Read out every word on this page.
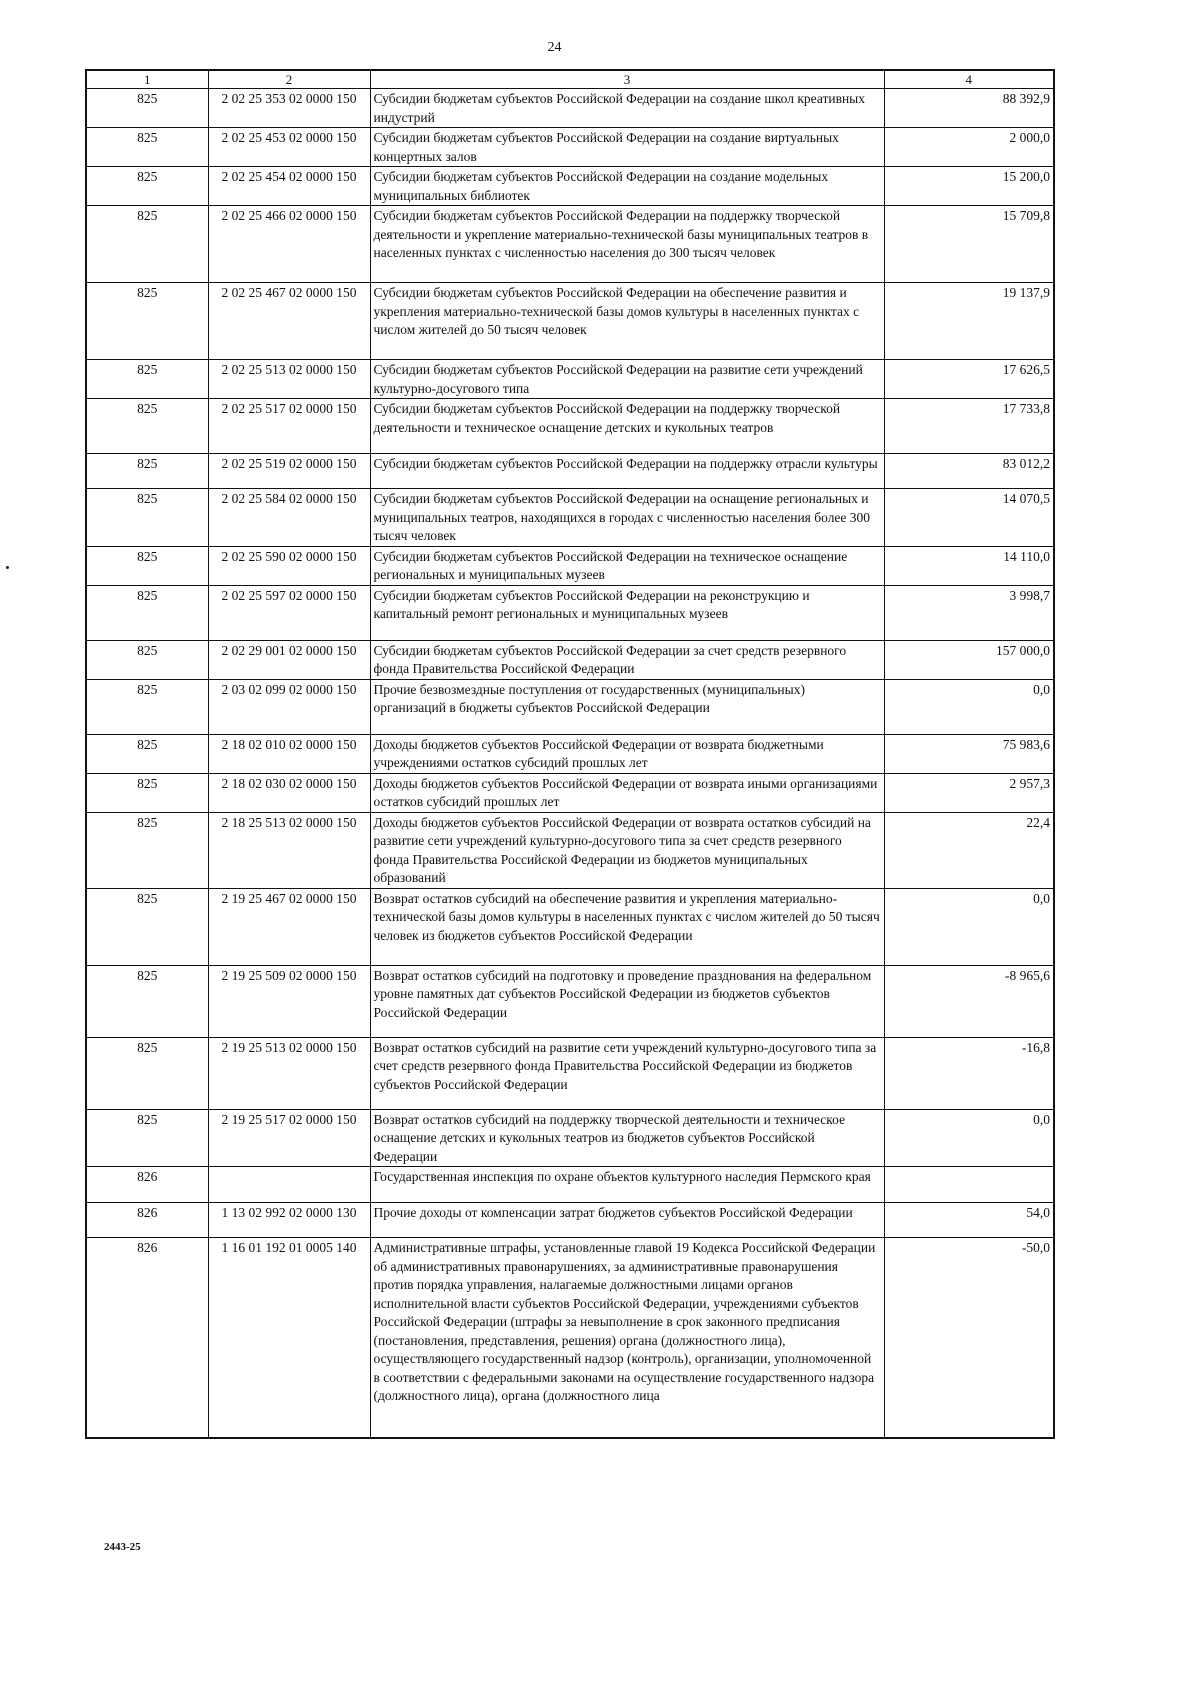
24
1	2	3	4
825	2 02 25 353 02 0000 150	Субсидии бюджетам субъектов Российской Федерации на создание школ креативных индустрий	88 392,9
825	2 02 25 453 02 0000 150	Субсидии бюджетам субъектов Российской Федерации на создание виртуальных концертных залов	2 000,0
825	2 02 25 454 02 0000 150	Субсидии бюджетам субъектов Российской Федерации на создание модельных муниципальных библиотек	15 200,0
825	2 02 25 466 02 0000 150	Субсидии бюджетам субъектов Российской Федерации на поддержку творческой деятельности и укрепление материально-технической базы муниципальных театров в населенных пунктах с численностью населения до 300 тысяч человек	15 709,8
825	2 02 25 467 02 0000 150	Субсидии бюджетам субъектов Российской Федерации на обеспечение развития и укрепления материально-технической базы домов культуры в населенных пунктах с числом жителей до 50 тысяч человек	19 137,9
825	2 02 25 513 02 0000 150	Субсидии бюджетам субъектов Российской Федерации на развитие сети учреждений культурно-досугового типа	17 626,5
825	2 02 25 517 02 0000 150	Субсидии бюджетам субъектов Российской Федерации на поддержку творческой деятельности и техническое оснащение детских и кукольных театров	17 733,8
825	2 02 25 519 02 0000 150	Субсидии бюджетам субъектов Российской Федерации на поддержку отрасли культуры	83 012,2
825	2 02 25 584 02 0000 150	Субсидии бюджетам субъектов Российской Федерации на оснащение региональных и муниципальных театров, находящихся в городах с численностью населения более 300 тысяч человек	14 070,5
825	2 02 25 590 02 0000 150	Субсидии бюджетам субъектов Российской Федерации на техническое оснащение региональных и муниципальных музеев	14 110,0
825	2 02 25 597 02 0000 150	Субсидии бюджетам субъектов Российской Федерации на реконструкцию и капитальный ремонт региональных и муниципальных музеев	3 998,7
825	2 02 29 001 02 0000 150	Субсидии бюджетам субъектов Российской Федерации за счет средств резервного фонда Правительства Российской Федерации	157 000,0
825	2 03 02 099 02 0000 150	Прочие безвозмездные поступления от государственных (муниципальных) организаций в бюджеты субъектов Российской Федерации	0,0
825	2 18 02 010 02 0000 150	Доходы бюджетов субъектов Российской Федерации от возврата бюджетными учреждениями остатков субсидий прошлых лет	75 983,6
825	2 18 02 030 02 0000 150	Доходы бюджетов субъектов Российской Федерации от возврата иными организациями остатков субсидий прошлых лет	2 957,3
825	2 18 25 513 02 0000 150	Доходы бюджетов субъектов Российской Федерации от возврата остатков субсидий на развитие сети учреждений культурно-досугового типа за счет средств резервного фонда Правительства Российской Федерации из бюджетов муниципальных образований	22,4
825	2 19 25 467 02 0000 150	Возврат остатков субсидий на обеспечение развития и укрепления материально-технической базы домов культуры в населенных пунктах с числом жителей до 50 тысяч человек из бюджетов субъектов Российской Федерации	0,0
825	2 19 25 509 02 0000 150	Возврат остатков субсидий на подготовку и проведение празднования на федеральном уровне памятных дат субъектов Российской Федерации из бюджетов субъектов Российской Федерации	-8 965,6
825	2 19 25 513 02 0000 150	Возврат остатков субсидий на развитие сети учреждений культурно-досугового типа за счет средств резервного фонда Правительства Российской Федерации из бюджетов субъектов Российской Федерации	-16,8
825	2 19 25 517 02 0000 150	Возврат остатков субсидий на поддержку творческой деятельности и техническое оснащение детских и кукольных театров из бюджетов субъектов Российской Федерации	0,0
826		Государственная инспекция по охране объектов культурного наследия Пермского края	
826	1 13 02 992 02 0000 130	Прочие доходы от компенсации затрат бюджетов субъектов Российской Федерации	54,0
826	1 16 01 192 01 0005 140	Административные штрафы, установленные главой 19 Кодекса Российской Федерации об административных правонарушениях, за административные правонарушения против порядка управления, налагаемые должностными лицами органов исполнительной власти субъектов Российской Федерации, учреждениями субъектов Российской Федерации (штрафы за невыполнение в срок законного предписания (постановления, представления, решения) органа (должностного лица), осуществляющего государственный надзор (контроль), организации, уполномоченной в соответствии с федеральными законами на осуществление государственного надзора (должностного лица), органа (должностного лица	-50,0
2443-25
